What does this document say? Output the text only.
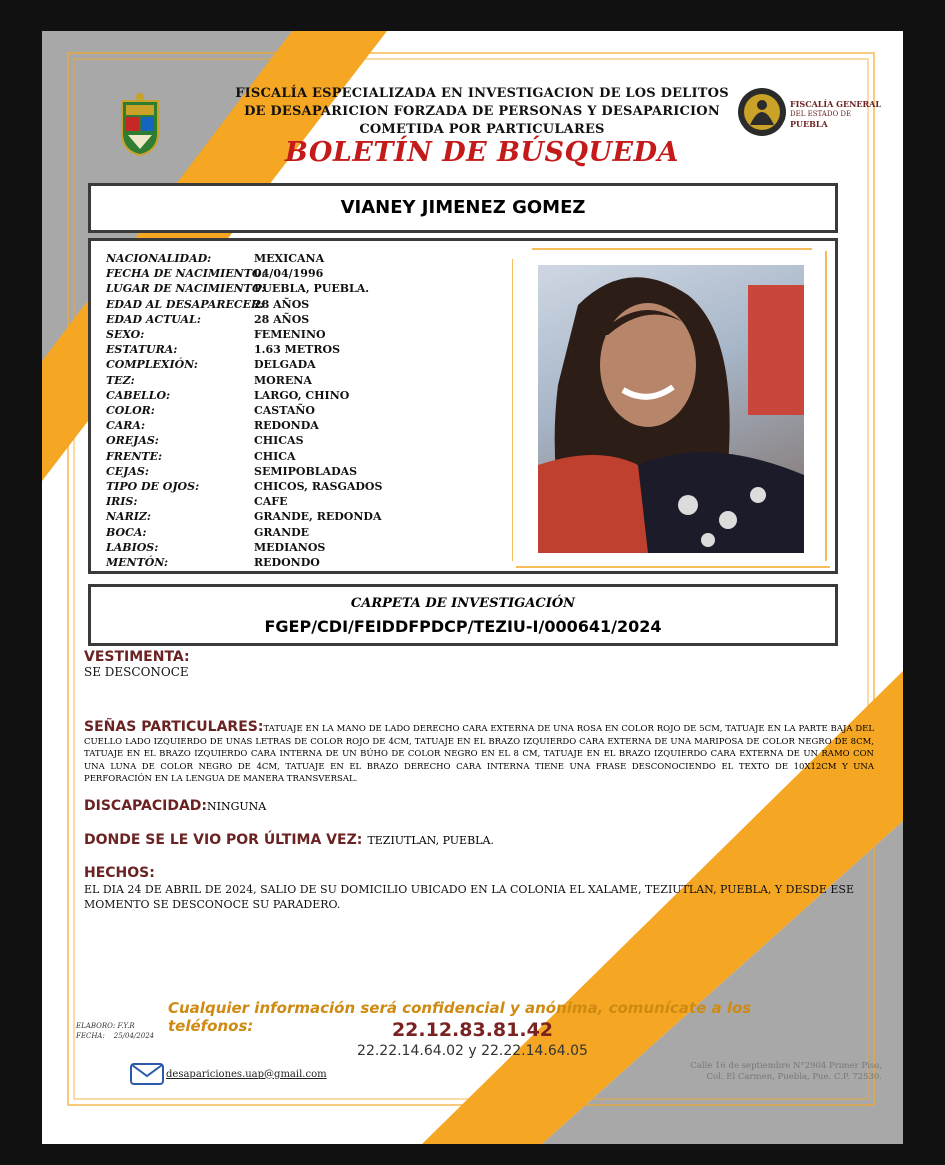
FISCALÍA ESPECIALIZADA EN INVESTIGACION DE LOS DELITOS
DE DESAPARICION FORZADA DE PERSONAS Y DESAPARICION
COMETIDA POR PARTICULARES
BOLETÍN DE BÚSQUEDA
FISCALÍA GENERAL
DEL ESTADO DE
PUEBLA
VIANEY JIMENEZ GOMEZ
NACIONALIDAD:
FECHA DE NACIMIENTO:
LUGAR DE NACIMIENTO:
EDAD AL DESAPARECER:
EDAD ACTUAL:
SEXO:
ESTATURA:
COMPLEXIÓN:
TEZ:
CABELLO:
COLOR:
CARA:
OREJAS:
FRENTE:
CEJAS:
TIPO DE OJOS:
IRIS:
NARIZ:
BOCA:
LABIOS:
MENTÓN:
MEXICANA
04/04/1996
PUEBLA, PUEBLA.
28 AÑOS
28 AÑOS
FEMENINO
1.63 METROS
DELGADA
MORENA
LARGO, CHINO
CASTAÑO
REDONDA
CHICAS
CHICA
SEMIPOBLADAS
CHICOS, RASGADOS
CAFE
GRANDE, REDONDA
GRANDE
MEDIANOS
REDONDO
CARPETA DE INVESTIGACIÓN
FGEP/CDI/FEIDDFPDCP/TEZIU-I/000641/2024
VESTIMENTA:
SE DESCONOCE
SEÑAS PARTICULARES:TATUAJE EN LA MANO DE LADO DERECHO CARA EXTERNA DE UNA ROSA EN COLOR ROJO DE 5CM, TATUAJE EN LA PARTE BAJA DEL CUELLO LADO IZQUIERDO DE UNAS LETRAS DE COLOR ROJO DE 4CM, TATUAJE EN EL BRAZO IZQUIERDO CARA EXTERNA DE UNA MARIPOSA DE COLOR NEGRO DE 8CM, TATUAJE EN EL BRAZO IZQUIERDO CARA INTERNA DE UN BÚHO DE COLOR NEGRO EN EL 8 CM, TATUAJE EN EL BRAZO IZQUIERDO CARA EXTERNA DE UN RAMO CON UNA LUNA DE COLOR NEGRO DE 4CM, TATUAJE EN EL BRAZO DERECHO CARA INTERNA TIENE UNA FRASE DESCONOCIENDO EL TEXTO DE 10X12CM Y UNA PERFORACIÓN EN LA LENGUA DE MANERA TRANSVERSAL.
DISCAPACIDAD:NINGUNA
DONDE SE LE VIO POR ÚLTIMA VEZ: TEZIUTLAN, PUEBLA.
HECHOS:
EL DIA 24 DE ABRIL DE 2024, SALIO DE SU DOMICILIO UBICADO EN LA COLONIA EL XALAME, TEZIUTLAN, PUEBLA, Y DESDE ESE MOMENTO SE DESCONOCE SU PARADERO.
Cualquier información será confidencial y anónima, comunícate a los teléfonos:	22.12.83.81.42
22.22.14.64.02 y 22.22.14.64.05
ELABORO: F.Y.R
FECHA: 25/04/2024
desapariciones.uap@gmail.com
Calle 16 de septiembre N°2904 Primer Piso,
Col. El Carmen, Puebla, Pue. C.P. 72530.
